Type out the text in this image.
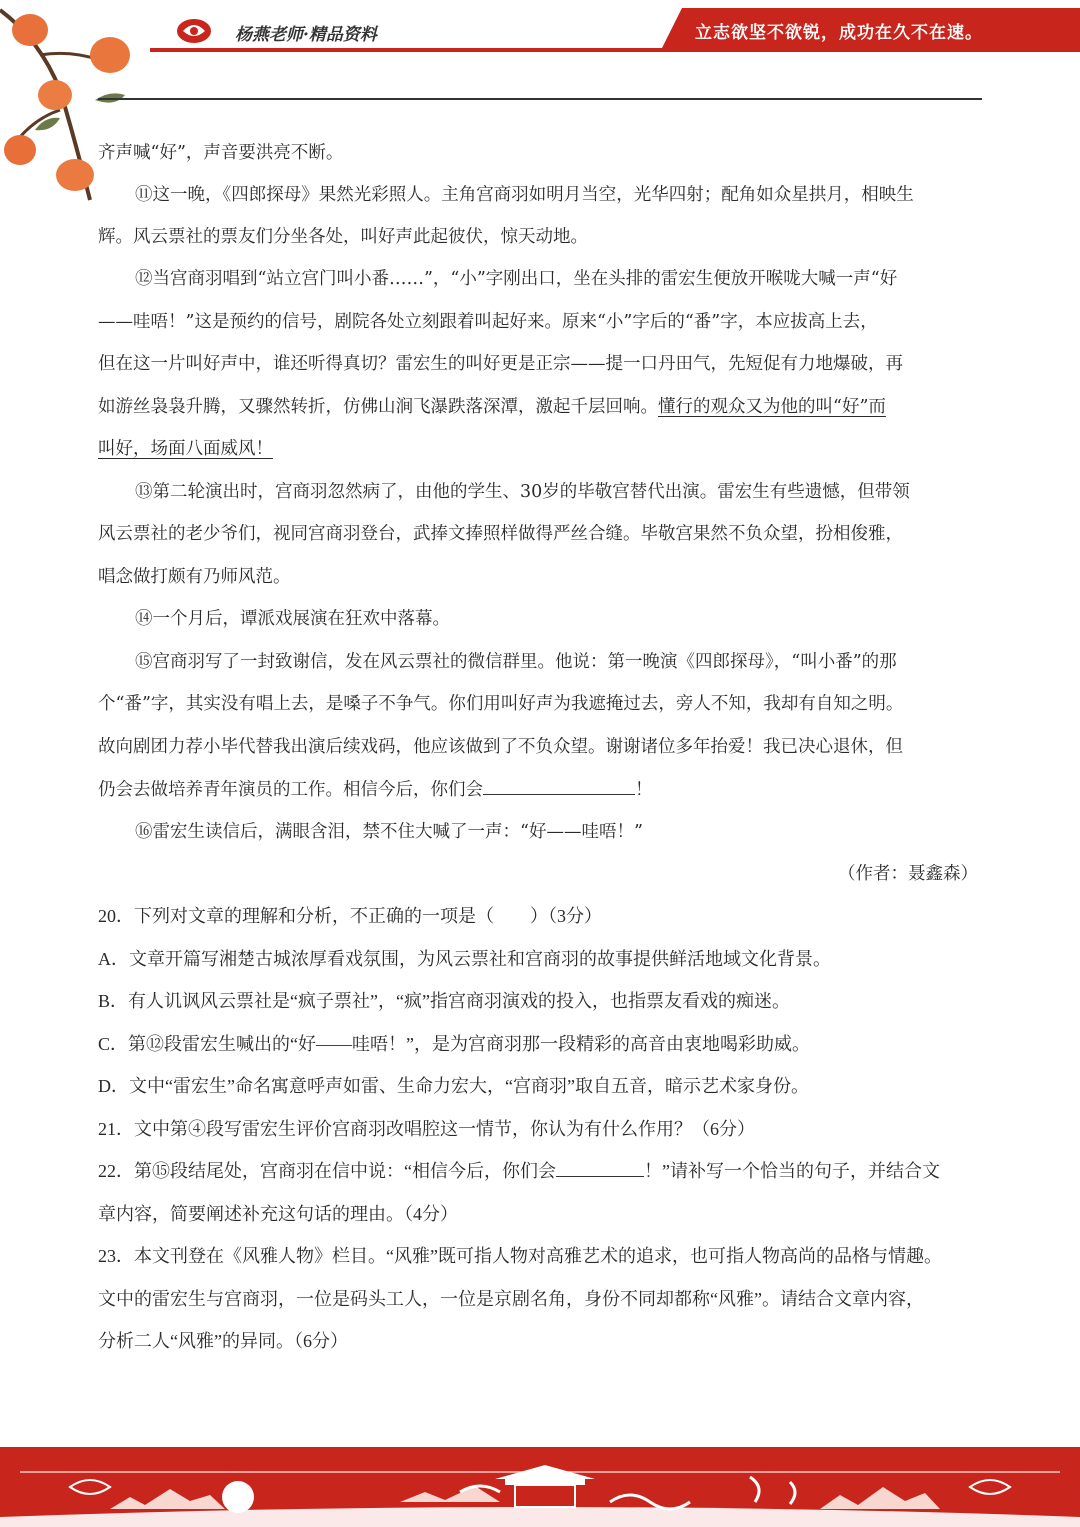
杨燕老师·精品资料	立志欲坚不欲锐，成功在久不在速。
齐声喊“好”，声音要洪亮不断。
⑪这一晚，《四郎探母》果然光彩照人。主角宫商羽如明月当空，光华四射；配角如众星拱月，相映生
辉。风云票社的票友们分坐各处，叫好声此起彼伏，惊天动地。
⑫当宫商羽唱到“站立宫门叫小番……”，“小”字刚出口，坐在头排的雷宏生便放开喉咙大喊一声“好
——哇唔！”这是预约的信号，剧院各处立刻跟着叫起好来。原来“小”字后的“番”字，本应拔高上去，
但在这一片叫好声中，谁还听得真切？雷宏生的叫好更是正宗——提一口丹田气，先短促有力地爆破，再
如游丝袅袅升腾，又骤然转折，仿佛山涧飞瀑跌落深潭，激起千层回响。懂行的观众又为他的叫“好”而
叫好，场面八面威风！
⑬第二轮演出时，宫商羽忽然病了，由他的学生、30岁的毕敬宫替代出演。雷宏生有些遗憾，但带领
风云票社的老少爷们，视同宫商羽登台，武捧文捧照样做得严丝合缝。毕敬宫果然不负众望，扮相俊雅，
唱念做打颇有乃师风范。
⑭一个月后，谭派戏展演在狂欢中落幕。
⑮宫商羽写了一封致谢信，发在风云票社的微信群里。他说：第一晚演《四郎探母》，“叫小番”的那
个“番”字，其实没有唱上去，是嗓子不争气。你们用叫好声为我遮掩过去，旁人不知，我却有自知之明。
故向剧团力荐小毕代替我出演后续戏码，他应该做到了不负众望。谢谢诸位多年抬爱！我已决心退休，但
仍会去做培养青年演员的工作。相信今后，你们会	！
⑯雷宏生读信后，满眼含泪，禁不住大喊了一声：“好——哇唔！”
（作者：聂鑫森）
20．下列对文章的理解和分析，不正确的一项是（　　）（3分）
A．文章开篇写湘楚古城浓厚看戏氛围，为风云票社和宫商羽的故事提供鲜活地域文化背景。
B．有人讥讽风云票社是“疯子票社”，“疯”指宫商羽演戏的投入，也指票友看戏的痴迷。
C．第⑫段雷宏生喊出的“好——哇唔！”，是为宫商羽那一段精彩的高音由衷地喝彩助威。
D．文中“雷宏生”命名寓意呼声如雷、生命力宏大，“宫商羽”取自五音，暗示艺术家身份。
21．文中第④段写雷宏生评价宫商羽改唱腔这一情节，你认为有什么作用？（6分）
22．第⑮段结尾处，宫商羽在信中说：“相信今后，你们会	！”请补写一个恰当的句子，并结合文
章内容，简要阐述补充这句话的理由。（4分）
23．本文刊登在《风雅人物》栏目。“风雅”既可指人物对高雅艺术的追求，也可指人物高尚的品格与情趣。
文中的雷宏生与宫商羽，一位是码头工人，一位是京剧名角，身份不同却都称“风雅”。请结合文章内容，
分析二人“风雅”的异同。（6分）
